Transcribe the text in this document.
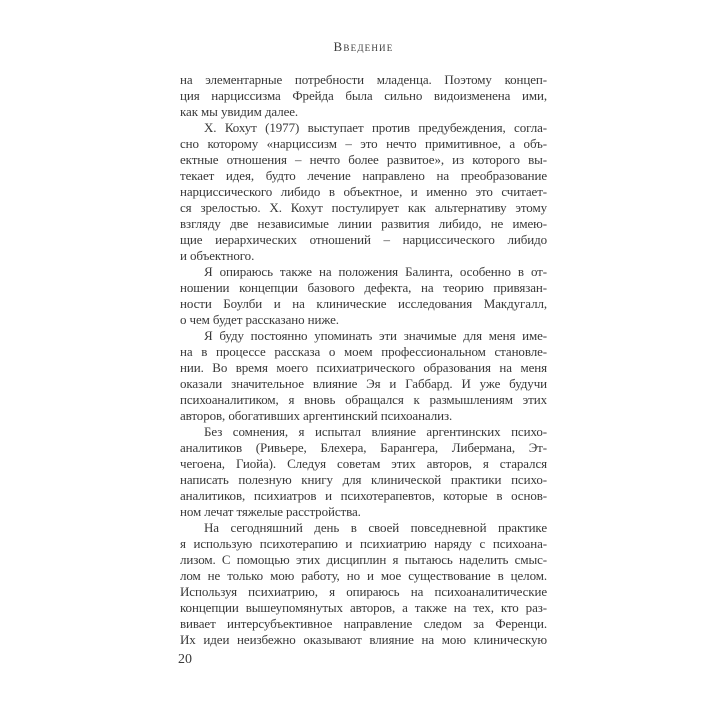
Введение
на элементарные потребности младенца. Поэтому концеп-
ция нарциссизма Фрейда была сильно видоизменена ими,
как мы увидим далее.
Х. Кохут (1977) выступает против предубеждения, согла-
сно которому «нарциссизм – это нечто примитивное, а объ-
ектные отношения – нечто более развитое», из которого вы-
текает идея, будто лечение направлено на преобразование
нарциссического либидо в объектное, и именно это считает-
ся зрелостью. Х. Кохут постулирует как альтернативу этому
взгляду две независимые линии развития либидо, не имею-
щие иерархических отношений – нарциссического либидо
и объектного.
Я опираюсь также на положения Балинта, особенно в от-
ношении концепции базового дефекта, на теорию привязан-
ности Боулби и на клинические исследования Макдугалл,
о чем будет рассказано ниже.
Я буду постоянно упоминать эти значимые для меня име-
на в процессе рассказа о моем профессиональном становле-
нии. Во время моего психиатрического образования на меня
оказали значительное влияние Эя и Габбард. И уже будучи
психоаналитиком, я вновь обращался к размышлениям этих
авторов, обогативших аргентинский психоанализ.
Без сомнения, я испытал влияние аргентинских психо-
аналитиков (Ривьере, Блехера, Барангера, Либермана, Эт-
чегоена, Гиойа). Следуя советам этих авторов, я старался
написать полезную книгу для клинической практики психо-
аналитиков, психиатров и психотерапевтов, которые в основ-
ном лечат тяжелые расстройства.
На сегодняшний день в своей повседневной практике
я использую психотерапию и психиатрию наряду с психоана-
лизом. С помощью этих дисциплин я пытаюсь наделить смыс-
лом не только мою работу, но и мое существование в целом.
Используя психиатрию, я опираюсь на психоаналитические
концепции вышеупомянутых авторов, а также на тех, кто раз-
вивает интерсубъективное направление следом за Ференци.
Их идеи неизбежно оказывают влияние на мою клиническую
20
